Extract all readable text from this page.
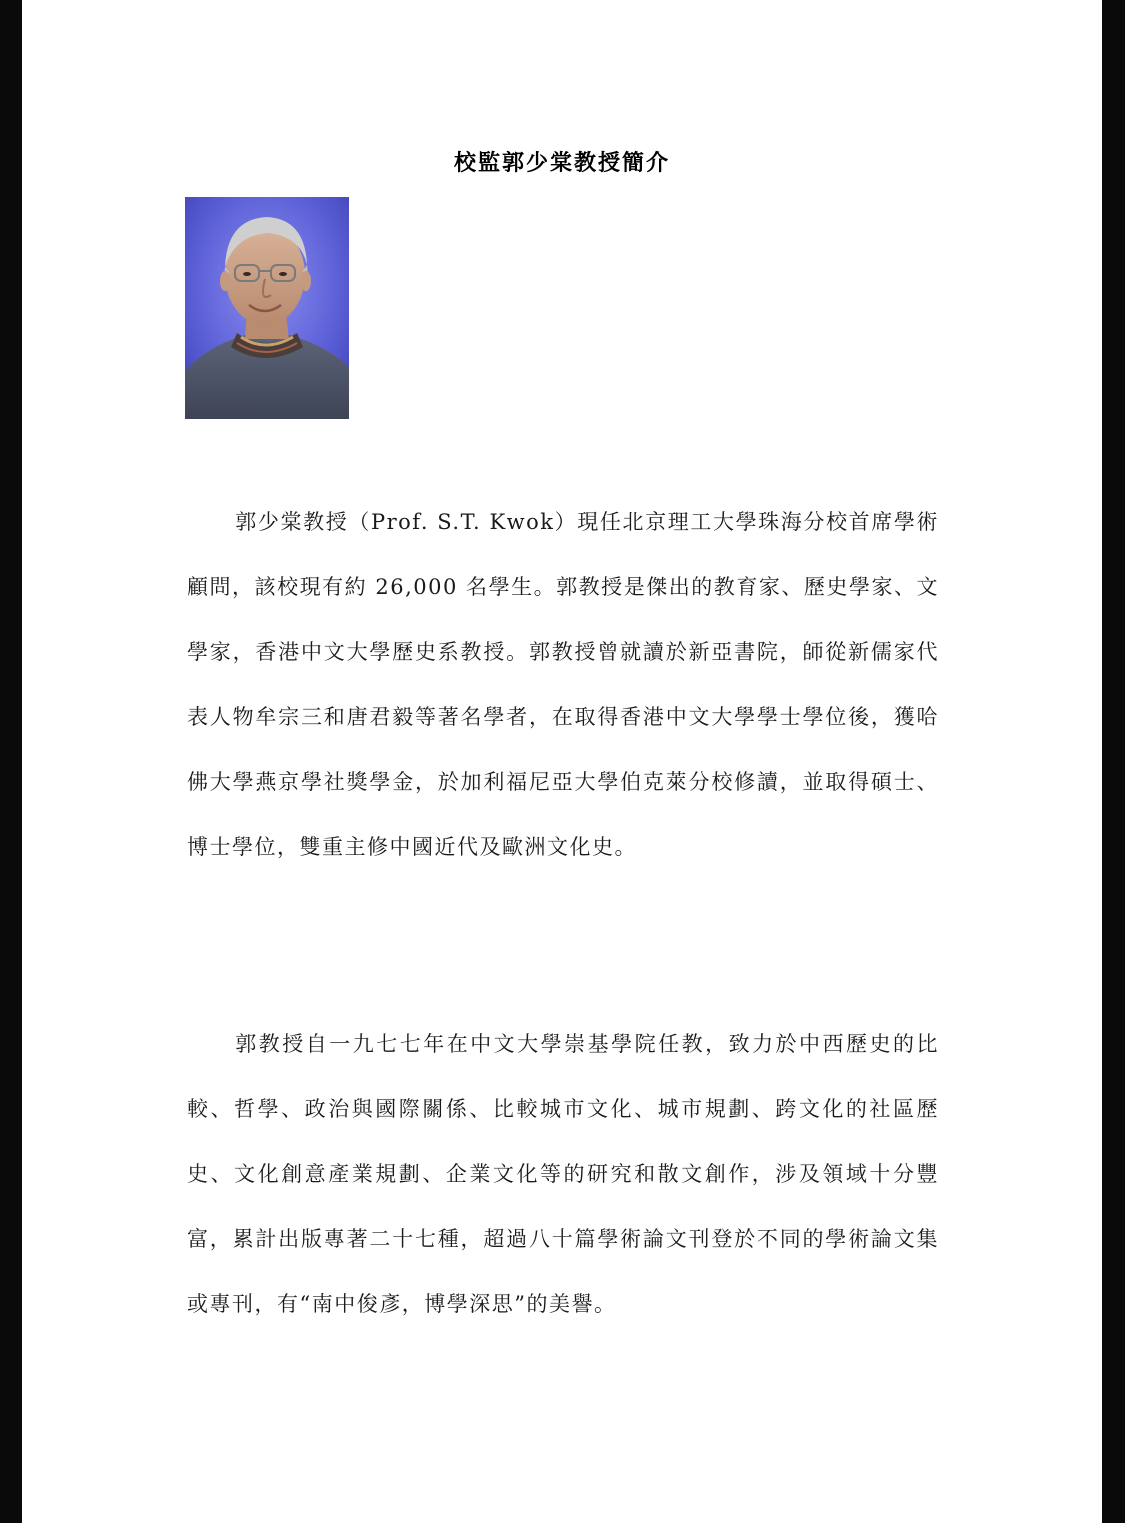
校監郭少棠教授簡介

郭少棠教授（Prof. S.T. Kwok）現任北京理工大學珠海分校首席學術顧問，該校現有約 26,000 名學生。郭教授是傑出的教育家、歷史學家、文學家，香港中文大學歷史系教授。郭教授曾就讀於新亞書院，師從新儒家代表人物牟宗三和唐君毅等著名學者，在取得香港中文大學學士學位後，獲哈佛大學燕京學社獎學金，於加利福尼亞大學伯克萊分校修讀，並取得碩士、博士學位，雙重主修中國近代及歐洲文化史。

郭教授自一九七七年在中文大學崇基學院任教，致力於中西歷史的比較、哲學、政治與國際關係、比較城市文化、城市規劃、跨文化的社區歷史、文化創意產業規劃、企業文化等的研究和散文創作，涉及領域十分豐富，累計出版專著二十七種，超過八十篇學術論文刊登於不同的學術論文集或專刊，有“南中俊彥，博學深思”的美譽。
